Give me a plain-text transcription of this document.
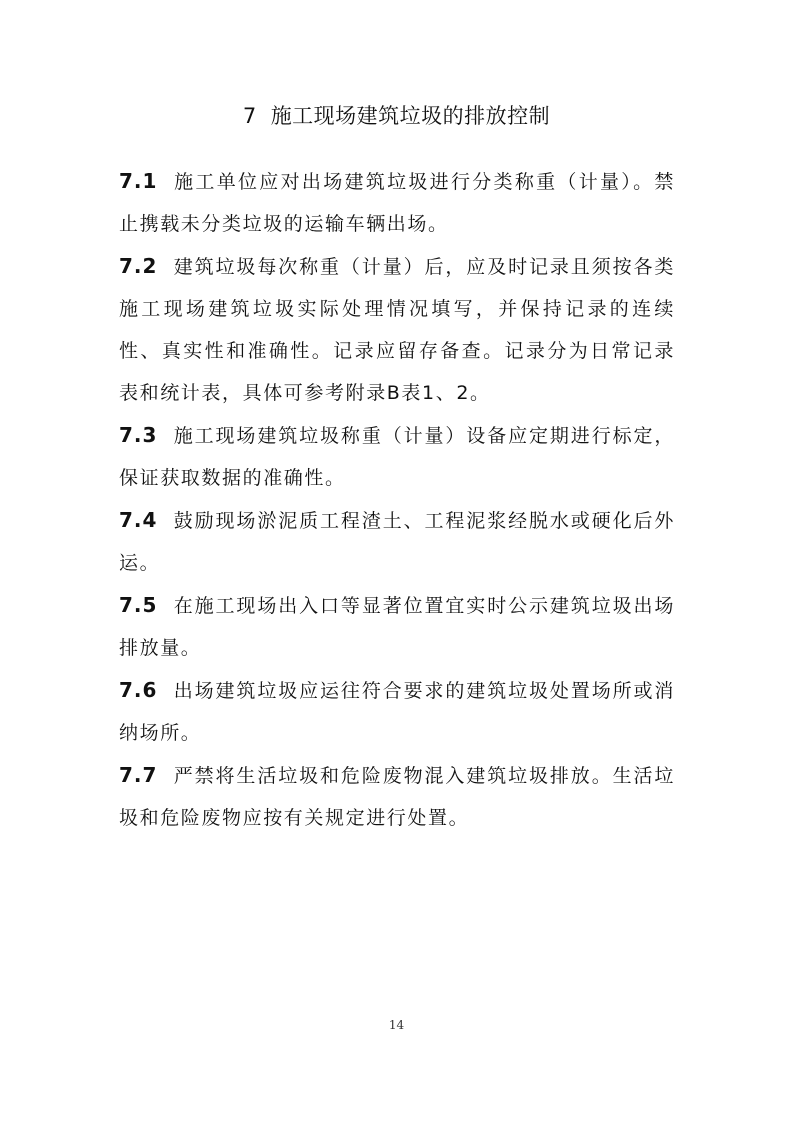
7 施工现场建筑垃圾的排放控制

7.1 施工单位应对出场建筑垃圾进行分类称重（计量）。禁止携载未分类垃圾的运输车辆出场。

7.2 建筑垃圾每次称重（计量）后，应及时记录且须按各类施工现场建筑垃圾实际处理情况填写，并保持记录的连续性、真实性和准确性。记录应留存备查。记录分为日常记录表和统计表，具体可参考附录B表1、2。

7.3 施工现场建筑垃圾称重（计量）设备应定期进行标定，保证获取数据的准确性。

7.4 鼓励现场淤泥质工程渣土、工程泥浆经脱水或硬化后外运。

7.5 在施工现场出入口等显著位置宜实时公示建筑垃圾出场排放量。

7.6 出场建筑垃圾应运往符合要求的建筑垃圾处置场所或消纳场所。

7.7 严禁将生活垃圾和危险废物混入建筑垃圾排放。生活垃圾和危险废物应按有关规定进行处置。

14
